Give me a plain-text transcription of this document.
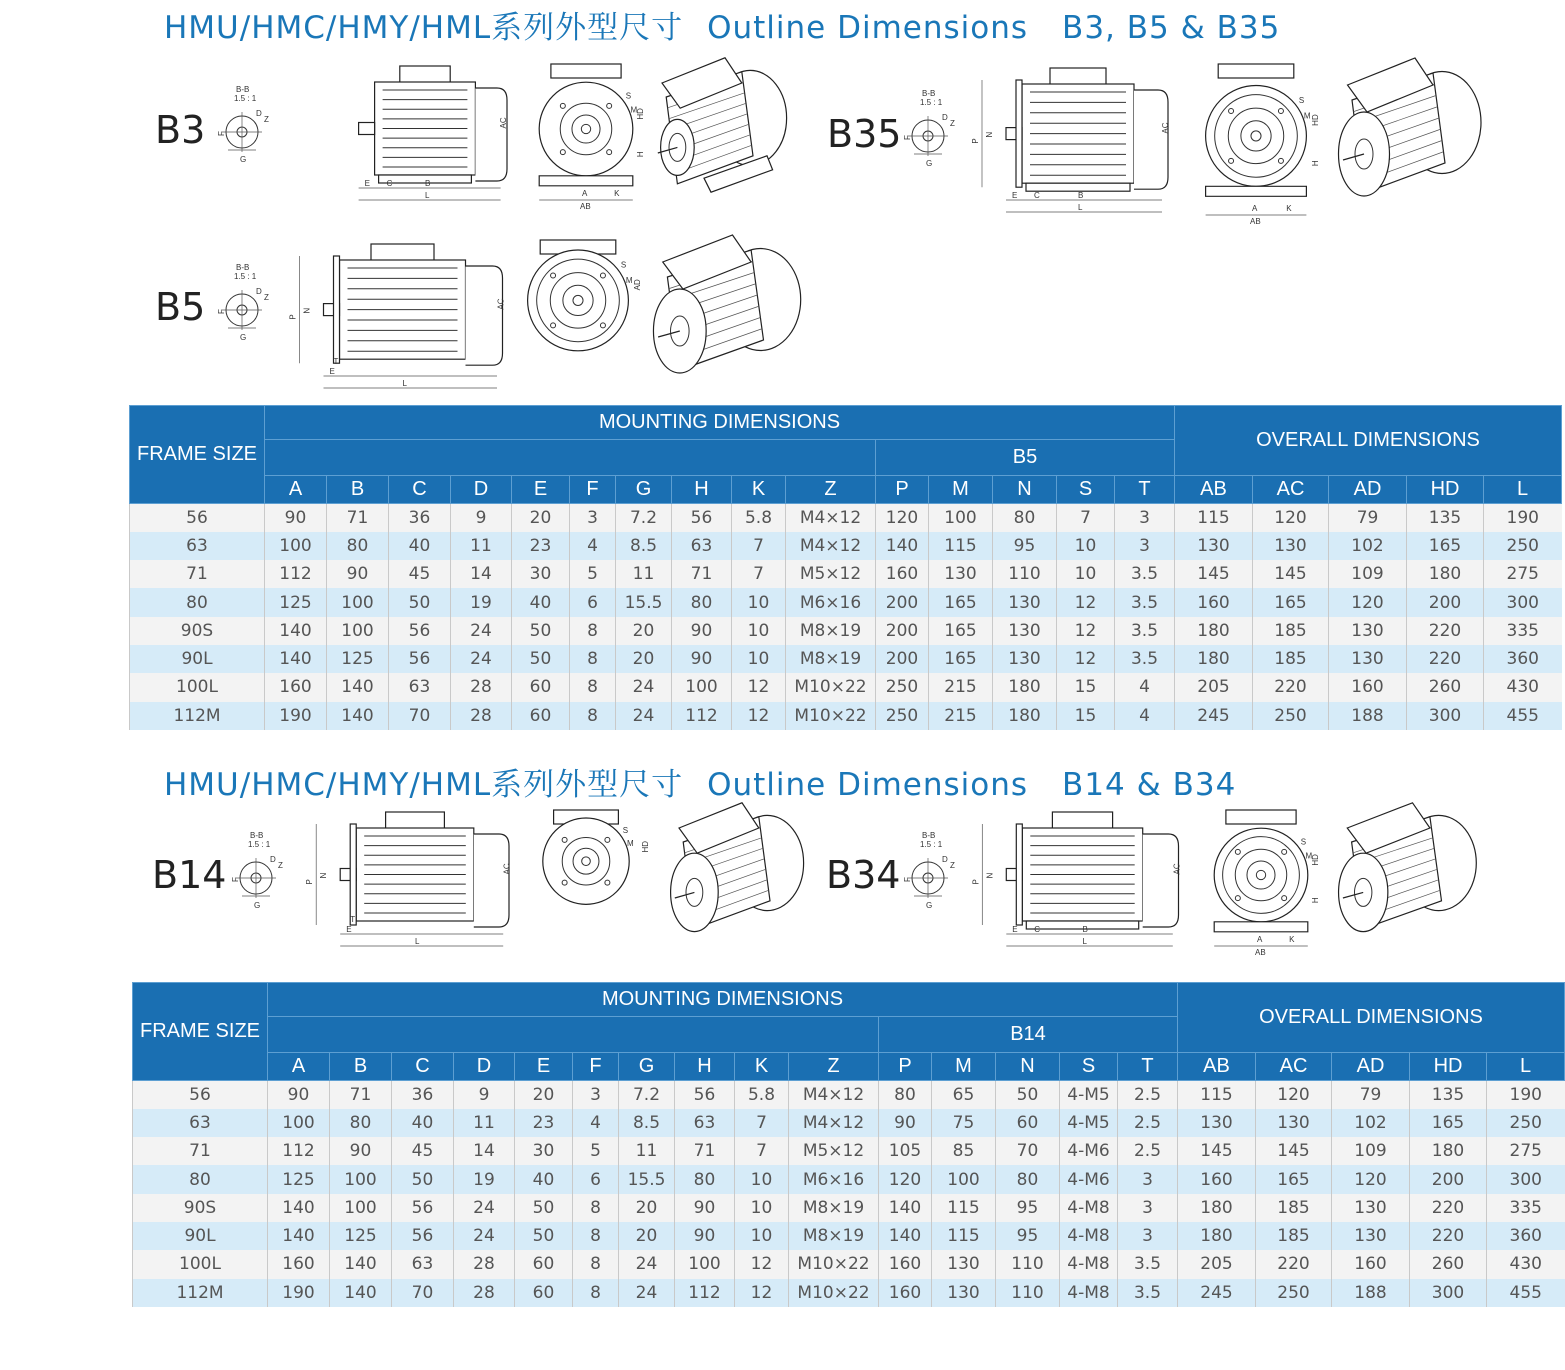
HMU/HMC/HMY/HML系列外型尺寸 Outline Dimensions B3, B5 & B35
B3	B35
B5
B-B
1.5 : 1
D
Z
F
G
E C	B
L
AC
A
AB
K
H
HD
S
M
B-B
1.5 : 1
D
Z
F
G
P
N
E C	B
L
AC
A
AB
K
H
HD
S
M
B-B
1.5 : 1
D
Z
F
G
P
N
E
T
L
AC
AD
S
M
FRAME SIZE	MOUNTING DIMENSIONS															OVERALL DIMENSIONS				
											B5									
	A	B	C	D	E	F	G	H	K	Z	P	M	N	S	T	AB	AC	AD	HD	L
56	90	71	36	9	20	3	7.2	56	5.8	M4×12	120	100	80	7	3	115	120	79	135	190
63	100	80	40	11	23	4	8.5	63	7	M4×12	140	115	95	10	3	130	130	102	165	250
71	112	90	45	14	30	5	11	71	7	M5×12	160	130	110	10	3.5	145	145	109	180	275
80	125	100	50	19	40	6	15.5	80	10	M6×16	200	165	130	12	3.5	160	165	120	200	300
90S	140	100	56	24	50	8	20	90	10	M8×19	200	165	130	12	3.5	180	185	130	220	335
90L	140	125	56	24	50	8	20	90	10	M8×19	200	165	130	12	3.5	180	185	130	220	360
100L	160	140	63	28	60	8	24	100	12	M10×22	250	215	180	15	4	205	220	160	260	430
112M	190	140	70	28	60	8	24	112	12	M10×22	250	215	180	15	4	245	250	188	300	455
HMU/HMC/HMY/HML系列外型尺寸 Outline Dimensions B14 & B34
B14	B34
B-B
1.5 : 1
D
Z
F
G
P
N
E
T
L
AC
HD
S
M
B-B
1.5 : 1
D
Z
F
G
P
N
E C	B
L
AC
A
AB
K
H
HD
S
M
FRAME SIZE	MOUNTING DIMENSIONS															OVERALL DIMENSIONS				
											B14									
	A	B	C	D	E	F	G	H	K	Z	P	M	N	S	T	AB	AC	AD	HD	L
56	90	71	36	9	20	3	7.2	56	5.8	M4×12	80	65	50	4-M5	2.5	115	120	79	135	190
63	100	80	40	11	23	4	8.5	63	7	M4×12	90	75	60	4-M5	2.5	130	130	102	165	250
71	112	90	45	14	30	5	11	71	7	M5×12	105	85	70	4-M6	2.5	145	145	109	180	275
80	125	100	50	19	40	6	15.5	80	10	M6×16	120	100	80	4-M6	3	160	165	120	200	300
90S	140	100	56	24	50	8	20	90	10	M8×19	140	115	95	4-M8	3	180	185	130	220	335
90L	140	125	56	24	50	8	20	90	10	M8×19	140	115	95	4-M8	3	180	185	130	220	360
100L	160	140	63	28	60	8	24	100	12	M10×22	160	130	110	4-M8	3.5	205	220	160	260	430
112M	190	140	70	28	60	8	24	112	12	M10×22	160	130	110	4-M8	3.5	245	250	188	300	455
